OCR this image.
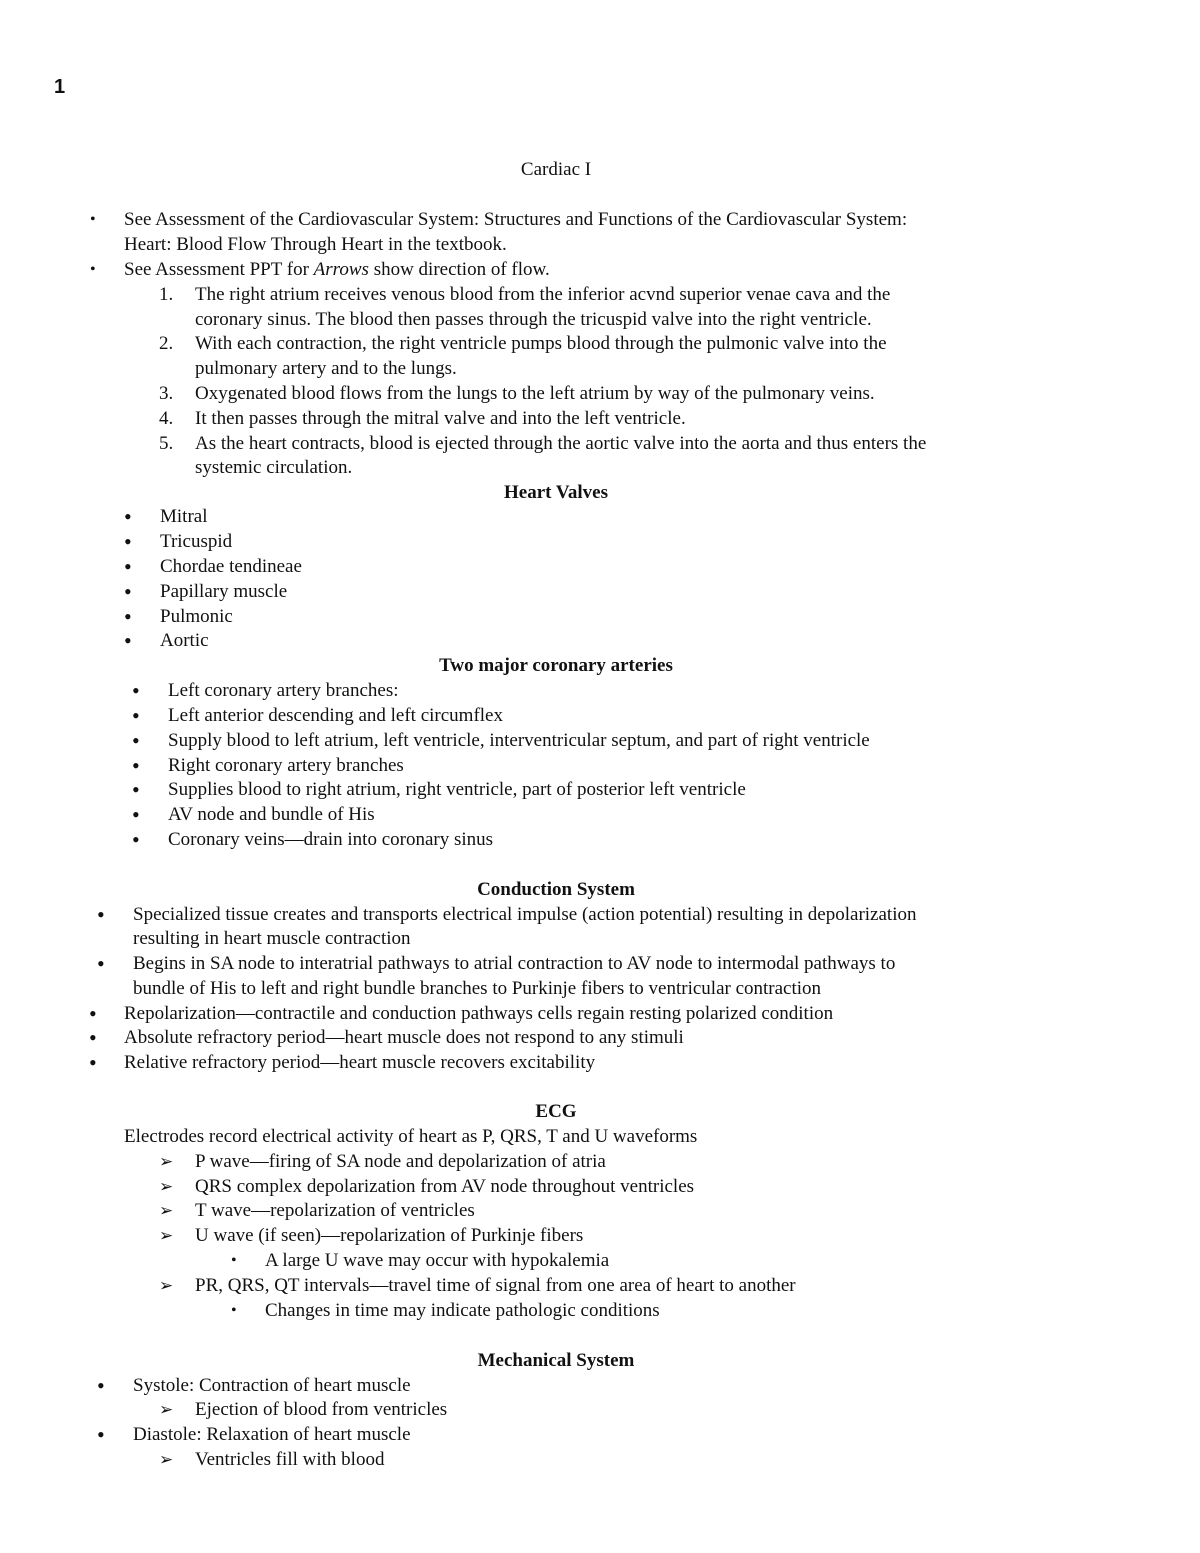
1
Cardiac I
• See Assessment of the Cardiovascular System: Structures and Functions of the Cardiovascular System:
Heart: Blood Flow Through Heart in the textbook.
• See Assessment PPT for Arrows show direction of flow.
1. The right atrium receives venous blood from the inferior acvnd superior venae cava and the
coronary sinus. The blood then passes through the tricuspid valve into the right ventricle.
2. With each contraction, the right ventricle pumps blood through the pulmonic valve into the
pulmonary artery and to the lungs.
3. Oxygenated blood flows from the lungs to the left atrium by way of the pulmonary veins.
4. It then passes through the mitral valve and into the left ventricle.
5. As the heart contracts, blood is ejected through the aortic valve into the aorta and thus enters the
systemic circulation.
Heart Valves
• Mitral
• Tricuspid
• Chordae tendineae
• Papillary muscle
• Pulmonic
• Aortic
Two major coronary arteries
• Left coronary artery branches:
• Left anterior descending and left circumflex
• Supply blood to left atrium, left ventricle, interventricular septum, and part of right ventricle
• Right coronary artery branches
• Supplies blood to right atrium, right ventricle, part of posterior left ventricle
• AV node and bundle of His
• Coronary veins—drain into coronary sinus
Conduction System
• Specialized tissue creates and transports electrical impulse (action potential) resulting in depolarization
resulting in heart muscle contraction
• Begins in SA node to interatrial pathways to atrial contraction to AV node to intermodal pathways to
bundle of His to left and right bundle branches to Purkinje fibers to ventricular contraction
• Repolarization—contractile and conduction pathways cells regain resting polarized condition
• Absolute refractory period—heart muscle does not respond to any stimuli
• Relative refractory period—heart muscle recovers excitability
ECG
Electrodes record electrical activity of heart as P, QRS, T and U waveforms
➢ P wave—firing of SA node and depolarization of atria
➢ QRS complex depolarization from AV node throughout ventricles
➢ T wave—repolarization of ventricles
➢ U wave (if seen)—repolarization of Purkinje fibers
• A large U wave may occur with hypokalemia
➢ PR, QRS, QT intervals—travel time of signal from one area of heart to another
• Changes in time may indicate pathologic conditions
Mechanical System
• Systole: Contraction of heart muscle
➢ Ejection of blood from ventricles
• Diastole: Relaxation of heart muscle
➢ Ventricles fill with blood
